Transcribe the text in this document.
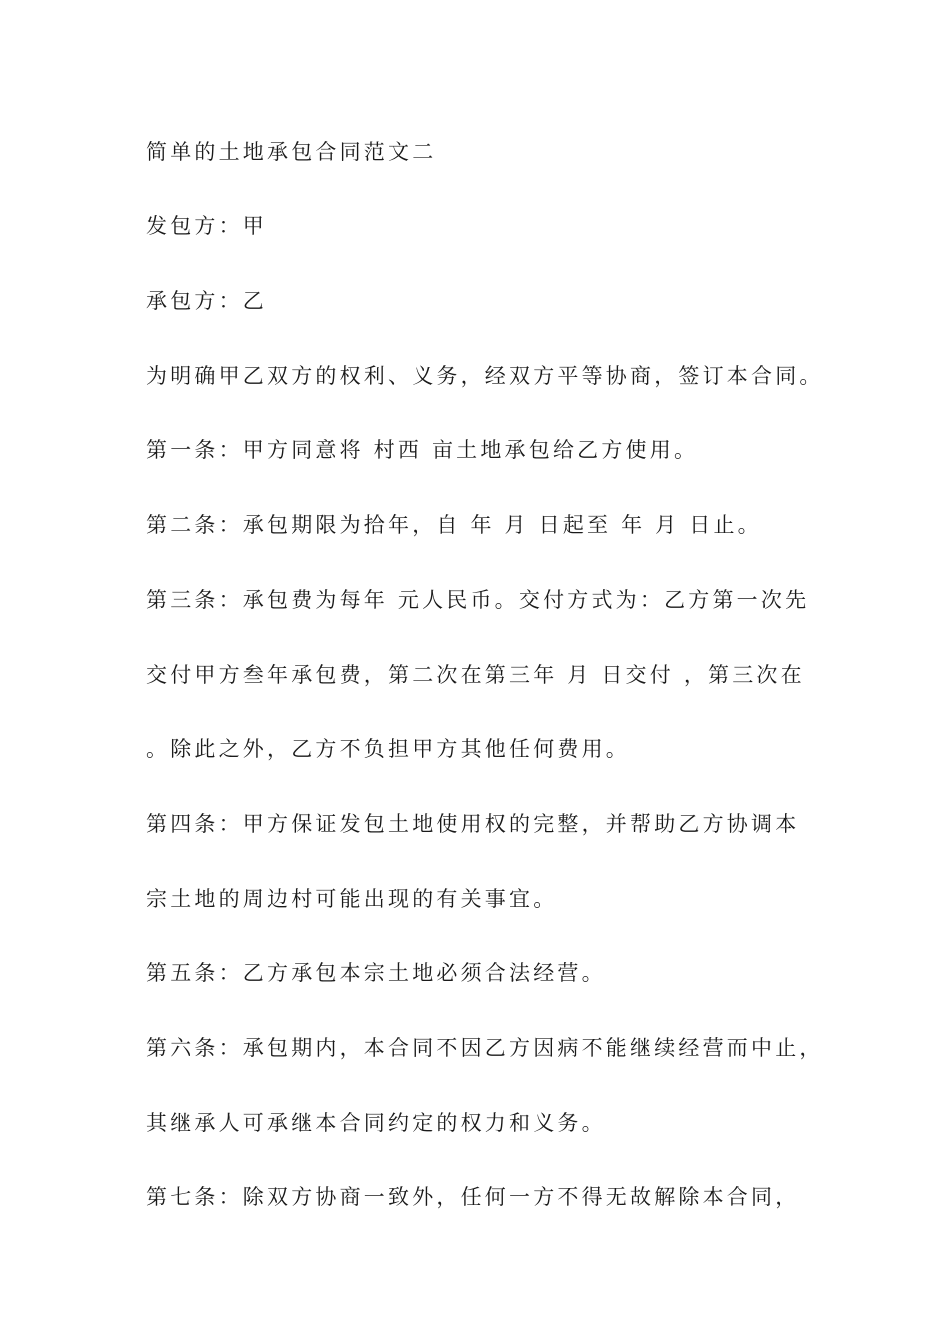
简单的土地承包合同范文二
发包方：甲
承包方：乙
为明确甲乙双方的权利、义务，经双方平等协商，签订本合同。
第一条：甲方同意将 村西 亩土地承包给乙方使用。
第二条：承包期限为拾年，自 年 月 日起至 年 月 日止。
第三条：承包费为每年 元人民币。交付方式为：乙方第一次先
交付甲方叁年承包费，第二次在第三年 月 日交付 ，第三次在
。除此之外，乙方不负担甲方其他任何费用。
第四条：甲方保证发包土地使用权的完整，并帮助乙方协调本
宗土地的周边村可能出现的有关事宜。
第五条：乙方承包本宗土地必须合法经营。
第六条：承包期内，本合同不因乙方因病不能继续经营而中止，
其继承人可承继本合同约定的权力和义务。
第七条：除双方协商一致外，任何一方不得无故解除本合同，
